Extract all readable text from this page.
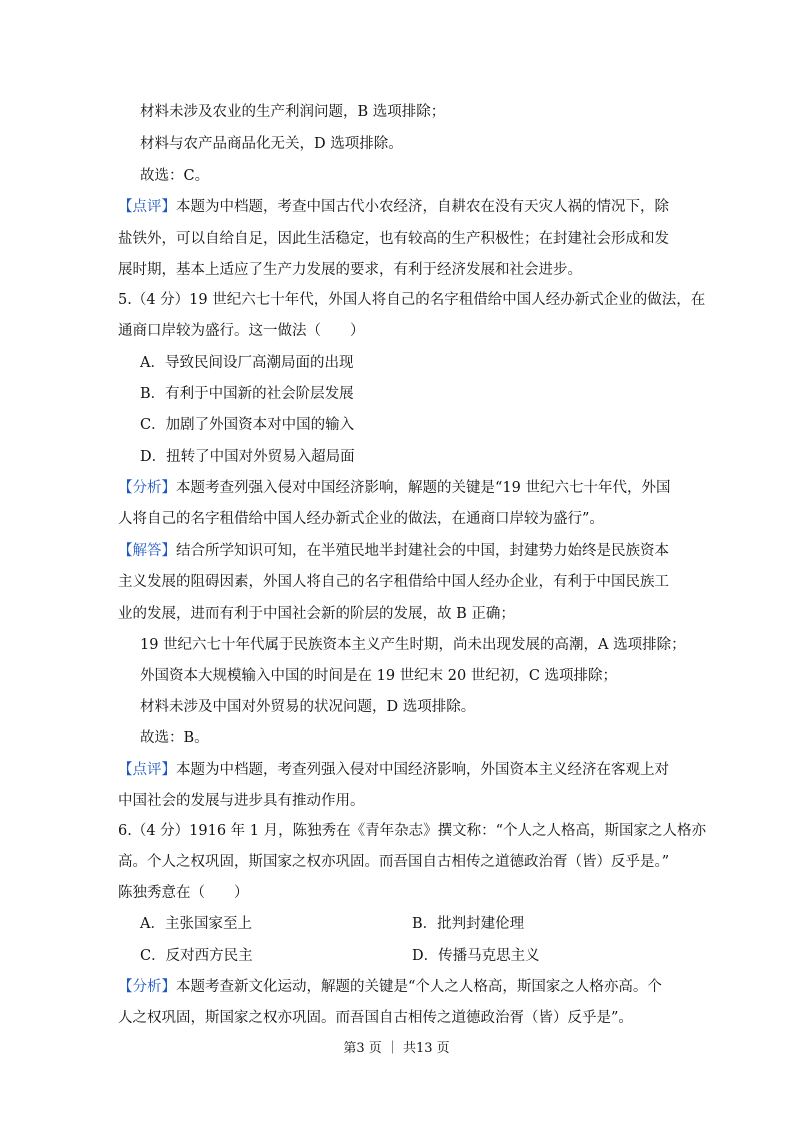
材料未涉及农业的生产利润问题，B 选项排除；
材料与农产品商品化无关，D 选项排除。
故选：C。
【点评】本题为中档题，考查中国古代小农经济，自耕农在没有天灾人祸的情况下，除
盐铁外，可以自给自足，因此生活稳定，也有较高的生产积极性；在封建社会形成和发
展时期，基本上适应了生产力发展的要求，有利于经济发展和社会进步。
5.（4 分）19 世纪六七十年代，外国人将自己的名字租借给中国人经办新式企业的做法，在
通商口岸较为盛行。这一做法（　　）
A．导致民间设厂高潮局面的出现
B．有利于中国新的社会阶层发展
C．加剧了外国资本对中国的输入
D．扭转了中国对外贸易入超局面
【分析】本题考查列强入侵对中国经济影响，解题的关键是“19 世纪六七十年代，外国
人将自己的名字租借给中国人经办新式企业的做法，在通商口岸较为盛行”。
【解答】结合所学知识可知，在半殖民地半封建社会的中国，封建势力始终是民族资本
主义发展的阻碍因素，外国人将自己的名字租借给中国人经办企业，有利于中国民族工
业的发展，进而有利于中国社会新的阶层的发展，故 B 正确；
19 世纪六七十年代属于民族资本主义产生时期，尚未出现发展的高潮，A 选项排除；
外国资本大规模输入中国的时间是在 19 世纪末 20 世纪初，C 选项排除；
材料未涉及中国对外贸易的状况问题，D 选项排除。
故选：B。
【点评】本题为中档题，考查列强入侵对中国经济影响，外国资本主义经济在客观上对
中国社会的发展与进步具有推动作用。
6.（4 分）1916 年 1 月，陈独秀在《青年杂志》撰文称：“个人之人格高，斯国家之人格亦
高。个人之权巩固，斯国家之权亦巩固。而吾国自古相传之道德政治胥（皆）反乎是。”
陈独秀意在（　　）
A．主张国家至上	B．批判封建伦理
C．反对西方民主	D．传播马克思主义
【分析】本题考查新文化运动，解题的关键是“个人之人格高，斯国家之人格亦高。个
人之权巩固，斯国家之权亦巩固。而吾国自古相传之道德政治胥（皆）反乎是”。
第3 页 ｜ 共13 页
